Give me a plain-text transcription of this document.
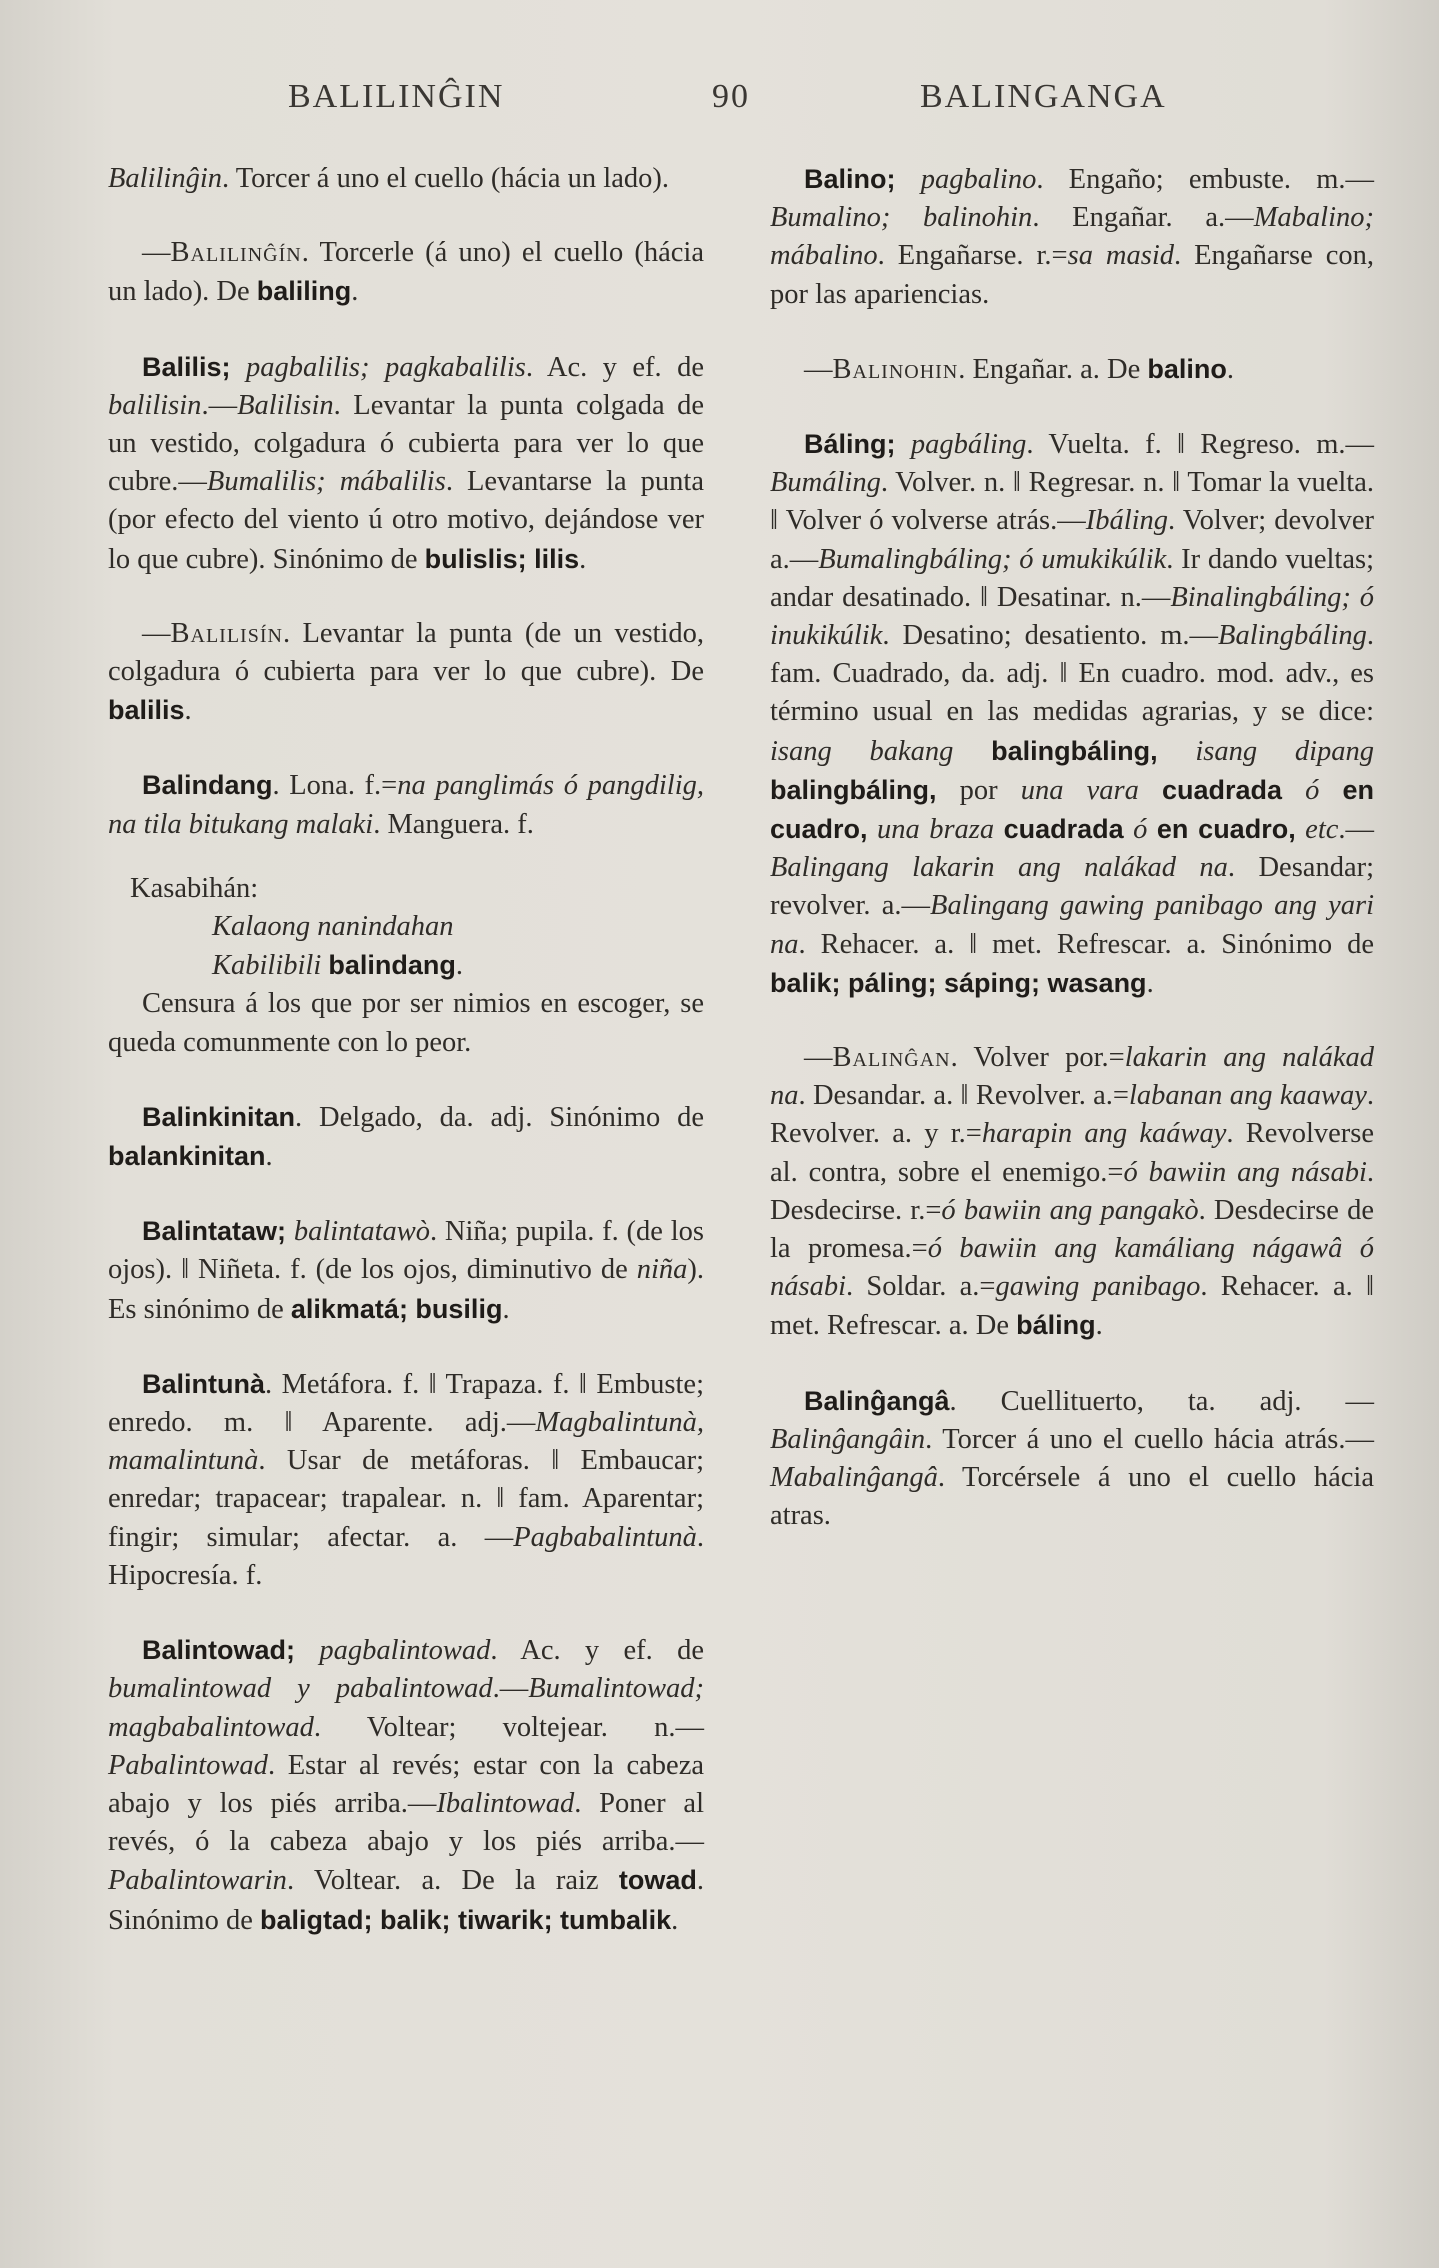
BALILINĜIN	90	BALINGANGA

Balilinĝin. Torcer á uno el cuello (hácia un lado).

—Balilinĝín. Torcerle (á uno) el cuello (hácia un lado). De baliling.

Balilis; pagbalilis; pagkabalilis. Ac. y ef. de balilisin.—Balilisin. Levantar la punta colgada de un vestido, colgadura ó cubierta para ver lo que cubre.—Bumalilis; mábalilis. Levantarse la punta (por efecto del viento ú otro motivo, dejándose ver lo que cubre). Sinónimo de bulislis; lilis.

—Balilisín. Levantar la punta (de un vestido, colgadura ó cubierta para ver lo que cubre). De balilis.

Balindang. Lona. f.=na panglimás ó pangdilig, na tila bitukang malaki. Manguera. f.

Kasabihán:
Kalaong nanindahan
Kabilibili balindang.
Censura á los que por ser nimios en escoger, se queda comunmente con lo peor.

Balinkinitan. Delgado, da. adj. Sinónimo de balankinitan.

Balintataw; balintatawò. Niña; pupila. f. (de los ojos). ‖ Niñeta. f. (de los ojos, diminutivo de niña). Es sinónimo de alikmatá; busilig.

Balintunà. Metáfora. f. ‖ Trapaza. f. ‖ Embuste; enredo. m. ‖ Aparente. adj.—Magbalintunà, mamalintunà. Usar de metáforas. ‖ Embaucar; enredar; trapacear; trapalear. n. ‖ fam. Aparentar; fingir; simular; afectar. a. —Pagbabalintunà. Hipocresía. f.

Balintowad; pagbalintowad. Ac. y ef. de bumalintowad y pabalintowad.—Bumalintowad; magbabalintowad. Voltear; voltejear. n.—Pabalintowad. Estar al revés; estar con la cabeza abajo y los piés arriba.—Ibalintowad. Poner al revés, ó la cabeza abajo y los piés arriba.—Pabalintowarin. Voltear. a. De la raiz towad. Sinónimo de baligtad; balik; tiwarik; tumbalik.

Balino; pagbalino. Engaño; embuste. m.—Bumalino; balinohin. Engañar. a.—Mabalino; mábalino. Engañarse. r.=sa masid. Engañarse con, por las apariencias.

—Balinohin. Engañar. a. De balino.

Báling; pagbáling. Vuelta. f. ‖ Regreso. m.—Bumáling. Volver. n. ‖ Regresar. n. ‖ Tomar la vuelta. ‖ Volver ó volverse atrás.—Ibáling. Volver; devolver a.—Bumalingbáling; ó umukikúlik. Ir dando vueltas; andar desatinado. ‖ Desatinar. n.—Binalingbáling; ó inukikúlik. Desatino; desatiento. m.—Balingbáling. fam. Cuadrado, da. adj. ‖ En cuadro. mod. adv., es término usual en las medidas agrarias, y se dice: isang bakang balingbáling, isang dipang balingbáling, por una vara cuadrada ó en cuadro, una braza cuadrada ó en cuadro, etc.—Balingang lakarin ang nalákad na. Desandar; revolver. a.—Balingang gawing panibago ang yari na. Rehacer. a. ‖ met. Refrescar. a. Sinónimo de balik; páling; sáping; wasang.

—Balinĝan. Volver por.=lakarin ang nalákad na. Desandar. a. ‖ Revolver. a.=labanan ang kaaway. Revolver. a. y r.=harapin ang kaáway. Revolverse al. contra, sobre el enemigo.=ó bawiin ang násabi. Desdecirse. r.=ó bawiin ang pangakò. Desdecirse de la promesa.=ó bawiin ang kamáliang nágawâ ó násabi. Soldar. a.=gawing panibago. Rehacer. a. ‖ met. Refrescar. a. De báling.

Balinĝangâ. Cuellituerto, ta. adj. —Balinĝangâin. Torcer á uno el cuello hácia atrás.—Mabalinĝangâ. Torcérsele á uno el cuello hácia atras.
